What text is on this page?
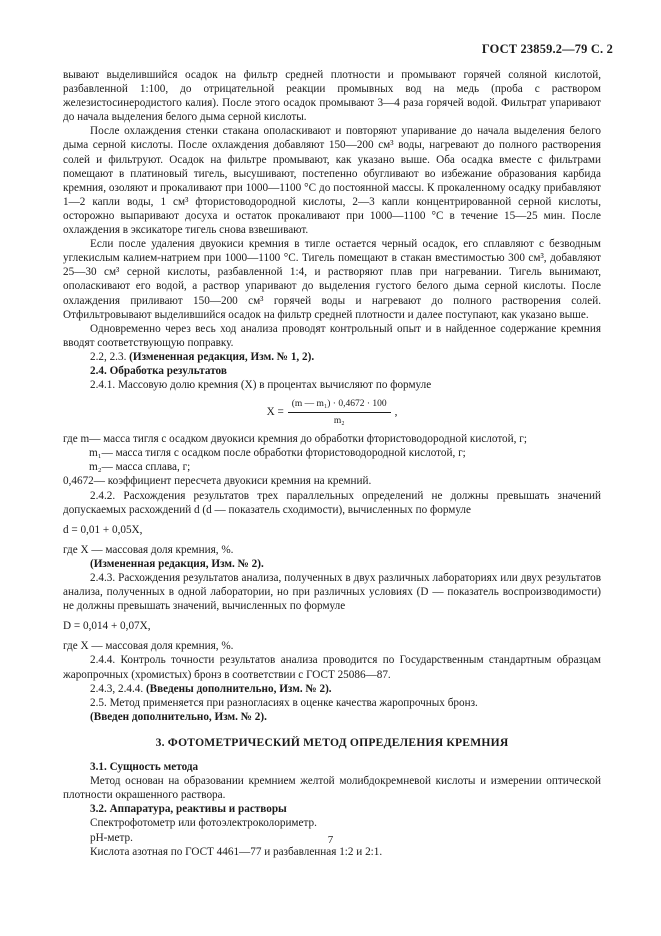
ГОСТ 23859.2—79 С. 2

вывают выделившийся осадок на фильтр средней плотности и промывают горячей соляной кислотой, разбавленной 1:100, до отрицательной реакции промывных вод на медь (проба с раствором железистосинеродистого калия). После этого осадок промывают 3—4 раза горячей водой. Фильтрат упаривают до начала выделения белого дыма серной кислоты.

После охлаждения стенки стакана ополаскивают и повторяют упаривание до начала выделения белого дыма серной кислоты. После охлаждения добавляют 150—200 см³ воды, нагревают до полного растворения солей и фильтруют. Осадок на фильтре промывают, как указано выше. Оба осадка вместе с фильтрами помещают в платиновый тигель, высушивают, постепенно обугливают во избежание образования карбида кремния, озоляют и прокаливают при 1000—1100 °С до постоянной массы. К прокаленному осадку прибавляют 1—2 капли воды, 1 см³ фтористоводородной кислоты, 2—3 капли концентрированной серной кислоты, осторожно выпаривают досуха и остаток прокаливают при 1000—1100 °С в течение 15—25 мин. После охлаждения в эксикаторе тигель снова взвешивают.

Если после удаления двуокиси кремния в тигле остается черный осадок, его сплавляют с безводным углекислым калием-натрием при 1000—1100 °С. Тигель помещают в стакан вместимостью 300 см³, добавляют 25—30 см³ серной кислоты, разбавленной 1:4, и растворяют плав при нагревании. Тигель вынимают, ополаскивают его водой, а раствор упаривают до выделения густого белого дыма серной кислоты. После охлаждения приливают 150—200 см³ горячей воды и нагревают до полного растворения солей. Отфильтровывают выделившийся осадок на фильтр средней плотности и далее поступают, как указано выше.

Одновременно через весь ход анализа проводят контрольный опыт и в найденное содержание кремния вводят соответствующую поправку.

2.2, 2.3. (Измененная редакция, Изм. № 1, 2).

2.4. Обработка результатов

2.4.1. Массовую долю кремния (X) в процентах вычисляют по формуле

$X = \frac{\text{(m — m₁) · 0,4672 · 100}}{\text{m₂}}$ ,

где m — масса тигля с осадком двуокиси кремния до обработки фтористоводородной кислотой, г;

m₁ — масса тигля с осадком после обработки фтористоводородной кислотой, г;

m₂ — масса сплава, г;

0,4672 — коэффициент пересчета двуокиси кремния на кремний.

2.4.2. Расхождения результатов трех параллельных определений не должны превышать значений допускаемых расхождений d (d — показатель сходимости), вычисленных по формуле

d = 0,01 + 0,05X,

где X — массовая доля кремния, %.

(Измененная редакция, Изм. № 2).

2.4.3. Расхождения результатов анализа, полученных в двух различных лабораториях или двух результатов анализа, полученных в одной лаборатории, но при различных условиях (D — показатель воспроизводимости) не должны превышать значений, вычисленных по формуле

D = 0,014 + 0,07X,

где X — массовая доля кремния, %.

2.4.4. Контроль точности результатов анализа проводится по Государственным стандартным образцам жаропрочных (хромистых) бронз в соответствии с ГОСТ 25086—87.

2.4.3, 2.4.4. (Введены дополнительно, Изм. № 2).

2.5. Метод применяется при разногласиях в оценке качества жаропрочных бронз.

(Введен дополнительно, Изм. № 2).

3. ФОТОМЕТРИЧЕСКИЙ МЕТОД ОПРЕДЕЛЕНИЯ КРЕМНИЯ

3.1. Сущность метода

Метод основан на образовании кремнием желтой молибдокремневой кислоты и измерении оптической плотности окрашенного раствора.

3.2. Аппаратура, реактивы и растворы

Спектрофотометр или фотоэлектроколориметр.

рН-метр.

Кислота азотная по ГОСТ 4461—77 и разбавленная 1:2 и 2:1.

7
